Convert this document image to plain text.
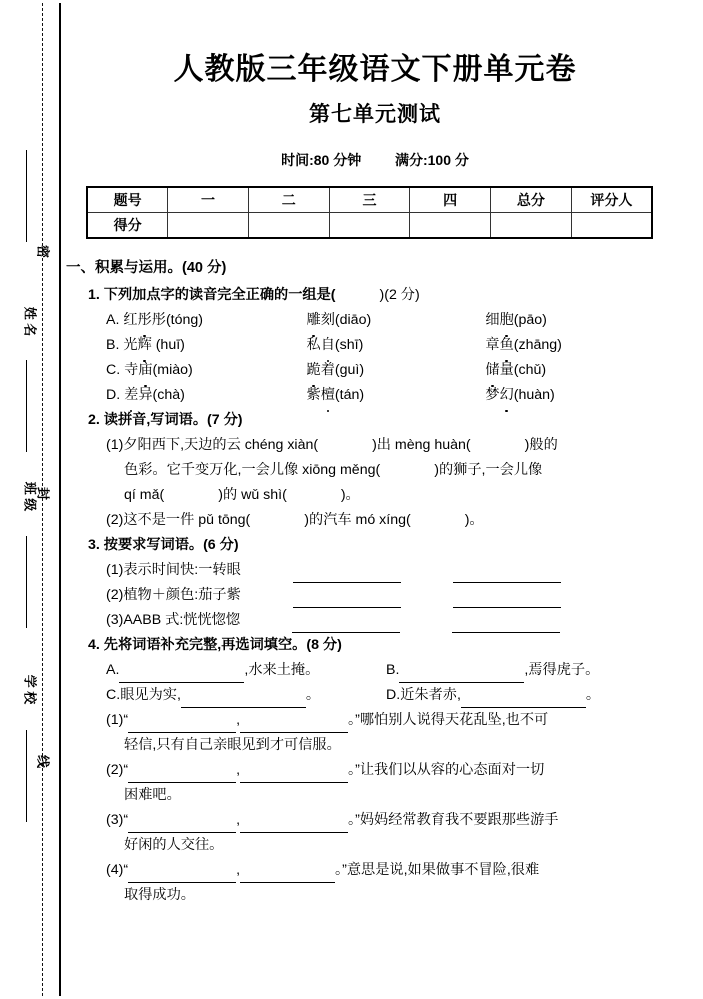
密
封
线
姓 名
班 级
学 校
人教版三年级语文下册单元卷
第七单元测试
时间:80 分钟 满分:100 分
题号	一	二	三	四	总分	评分人
得分						
一、积累与运用。(40 分)
1. 下列加点字的读音完全正确的一组是(	)(2 分)
A. 红彤彤(tóng)	雕刻(diāo)	细胞(pāo)
B. 光辉 (huī)	私自(shī)	章鱼(zhāng)
C. 寺庙(miào)	跪着(guì)	储量(chǔ)
D. 差异(chà)	紫檀(tán)	梦幻(huàn)
2. 读拼音,写词语。(7 分)
(1)夕阳西下,天边的云 chéng xiàn(	)出 mèng huàn(	)般的
色彩。它千变万化,一会儿像 xiōng měng(	)的狮子,一会儿像
qí mǎ(	)的 wǔ shì(	)。
(2)这不是一件 pǔ tōng(	)的汽车 mó xíng(	)。
3. 按要求写词语。(6 分)
(1)表示时间快:一转眼
(2)植物＋颜色:茄子紫
(3)AABB 式:恍恍惚惚
4. 先将词语补充完整,再选词填空。(8 分)
A.	,水来土掩。	B.	,焉得虎子。
C.眼见为实,	。	D.近朱者赤,	。
(1)“	,	。”哪怕别人说得天花乱坠,也不可
轻信,只有自己亲眼见到才可信服。
(2)“	,	。”让我们以从容的心态面对一切
困难吧。
(3)“	,	。”妈妈经常教育我不要跟那些游手
好闲的人交往。
(4)“	,	。”意思是说,如果做事不冒险,很难
取得成功。
